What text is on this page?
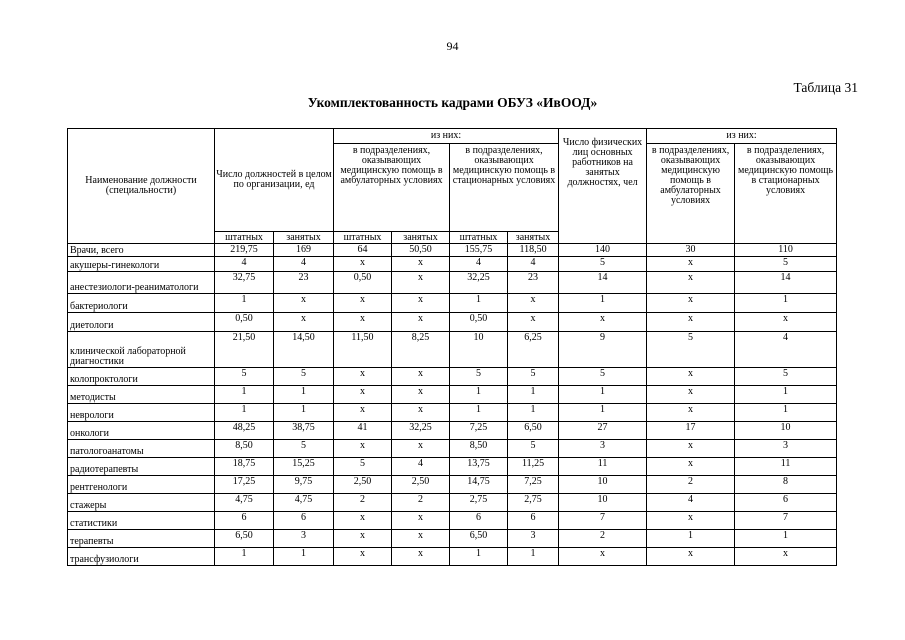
94
Таблица 31
Укомплектованность кадрами ОБУЗ «ИвООД»
Наименование должности (специальности)	Число должностей в целом по организации, ед		из них:				Число физических лиц основных работников на занятых должностях, чел	из них:	
			в подразделениях, оказывающих медицинскую помощь в амбулаторных условиях		в подразделениях, оказывающих медицинскую помощь в стационарных условиях			в подразделениях, оказывающих медицинскую помощь в амбулаторных условиях	в подразделениях, оказывающих медицинскую помощь в стационарных условиях
	штатных	занятых	штатных	занятых	штатных	занятых			
Врачи, всего	219,75	169	64	50,50	155,75	118,50	140	30	110
акушеры-гинекологи	4	4	х	х	4	4	5	х	5
анестезиологи-реаниматологи	32,75	23	0,50	х	32,25	23	14	х	14
бактериологи	1	х	х	х	1	х	1	х	1
диетологи	0,50	х	х	х	0,50	х	х	х	х
клинической лабораторной диагностики	21,50	14,50	11,50	8,25	10	6,25	9	5	4
колопроктологи	5	5	х	х	5	5	5	х	5
методисты	1	1	х	х	1	1	1	х	1
неврологи	1	1	х	х	1	1	1	х	1
онкологи	48,25	38,75	41	32,25	7,25	6,50	27	17	10
патологоанатомы	8,50	5	х	х	8,50	5	3	х	3
радиотерапевты	18,75	15,25	5	4	13,75	11,25	11	х	11
рентгенологи	17,25	9,75	2,50	2,50	14,75	7,25	10	2	8
стажеры	4,75	4,75	2	2	2,75	2,75	10	4	6
статистики	6	6	х	х	6	6	7	х	7
терапевты	6,50	3	х	х	6,50	3	2	1	1
трансфузиологи	1	1	х	х	1	1	х	х	х
